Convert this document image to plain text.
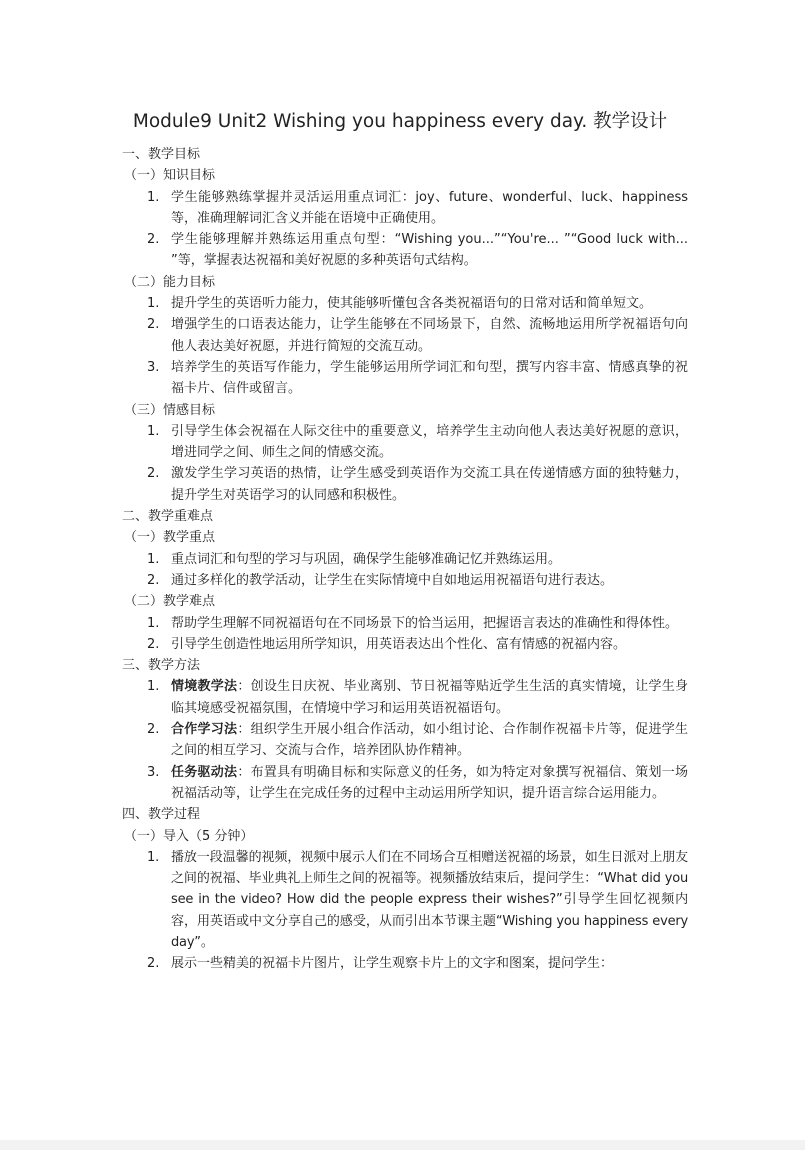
Module9 Unit2 Wishing you happiness every day. 教学设计
一、教学目标
（一）知识目标
1. 学生能够熟练掌握并灵活运用重点词汇：joy、future、wonderful、luck、happiness 等，准确理解词汇含义并能在语境中正确使用。
2. 学生能够理解并熟练运用重点句型：“Wishing you...”“You're... ”“Good luck with... ”等，掌握表达祝福和美好祝愿的多种英语句式结构。
（二）能力目标
1. 提升学生的英语听力能力，使其能够听懂包含各类祝福语句的日常对话和简单短文。
2. 增强学生的口语表达能力，让学生能够在不同场景下，自然、流畅地运用所学祝福语句向他人表达美好祝愿，并进行简短的交流互动。
3. 培养学生的英语写作能力，学生能够运用所学词汇和句型，撰写内容丰富、情感真挚的祝福卡片、信件或留言。
（三）情感目标
1. 引导学生体会祝福在人际交往中的重要意义，培养学生主动向他人表达美好祝愿的意识，增进同学之间、师生之间的情感交流。
2. 激发学生学习英语的热情，让学生感受到英语作为交流工具在传递情感方面的独特魅力，提升学生对英语学习的认同感和积极性。
二、教学重难点
（一）教学重点
1. 重点词汇和句型的学习与巩固，确保学生能够准确记忆并熟练运用。
2. 通过多样化的教学活动，让学生在实际情境中自如地运用祝福语句进行表达。
（二）教学难点
1. 帮助学生理解不同祝福语句在不同场景下的恰当运用，把握语言表达的准确性和得体性。
2. 引导学生创造性地运用所学知识，用英语表达出个性化、富有情感的祝福内容。
三、教学方法
1. 情境教学法：创设生日庆祝、毕业离别、节日祝福等贴近学生生活的真实情境，让学生身临其境感受祝福氛围，在情境中学习和运用英语祝福语句。
2. 合作学习法：组织学生开展小组合作活动，如小组讨论、合作制作祝福卡片等，促进学生之间的相互学习、交流与合作，培养团队协作精神。
3. 任务驱动法：布置具有明确目标和实际意义的任务，如为特定对象撰写祝福信、策划一场祝福活动等，让学生在完成任务的过程中主动运用所学知识，提升语言综合运用能力。
四、教学过程
（一）导入（5 分钟）
1. 播放一段温馨的视频，视频中展示人们在不同场合互相赠送祝福的场景，如生日派对上朋友之间的祝福、毕业典礼上师生之间的祝福等。视频播放结束后，提问学生：“What did you see in the video? How did the people express their wishes?”引导学生回忆视频内容，用英语或中文分享自己的感受，从而引出本节课主题“Wishing you happiness every day”。
2. 展示一些精美的祝福卡片图片，让学生观察卡片上的文字和图案，提问学生：
